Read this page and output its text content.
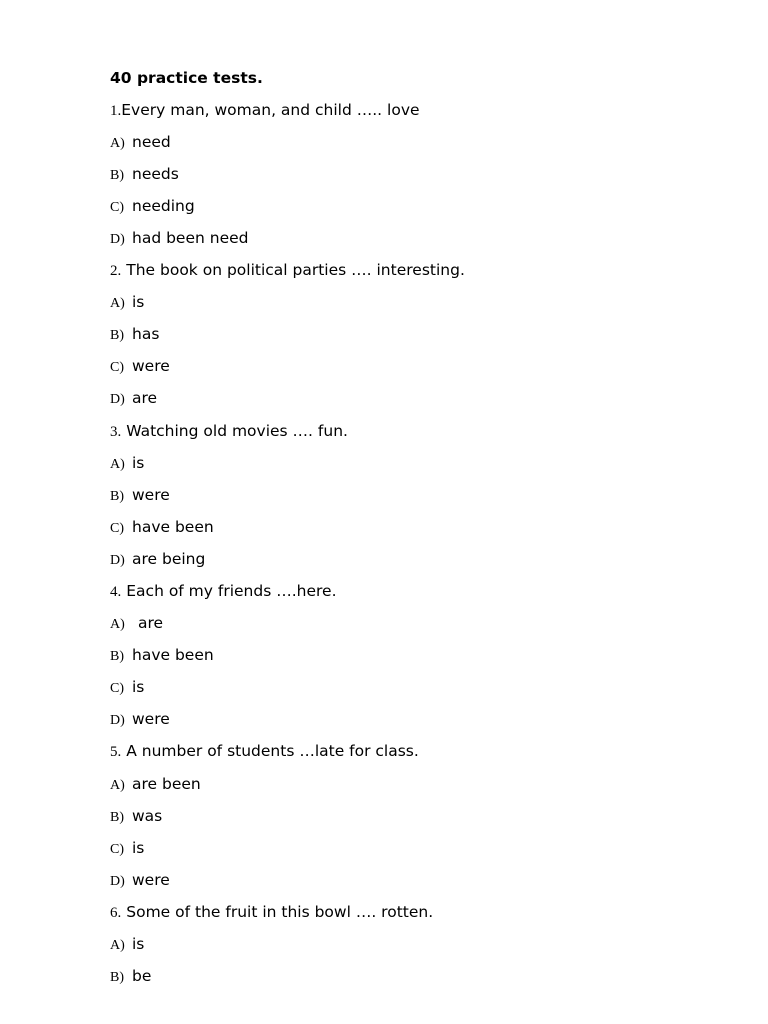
40 practice tests.
1.Every man, woman, and child ….. love
A) need
B) needs
C) needing
D) had been need
2. The book on political parties …. interesting.
A) is
B) has
C) were
D) are
3. Watching old movies …. fun.
A) is
B) were
C) have been
D) are being
4. Each of my friends ….here.
A) are
B) have been
C) is
D) were
5. A number of students …late for class.
A) are been
B) was
C) is
D) were
6. Some of the fruit in this bowl …. rotten.
A) is
B) be
